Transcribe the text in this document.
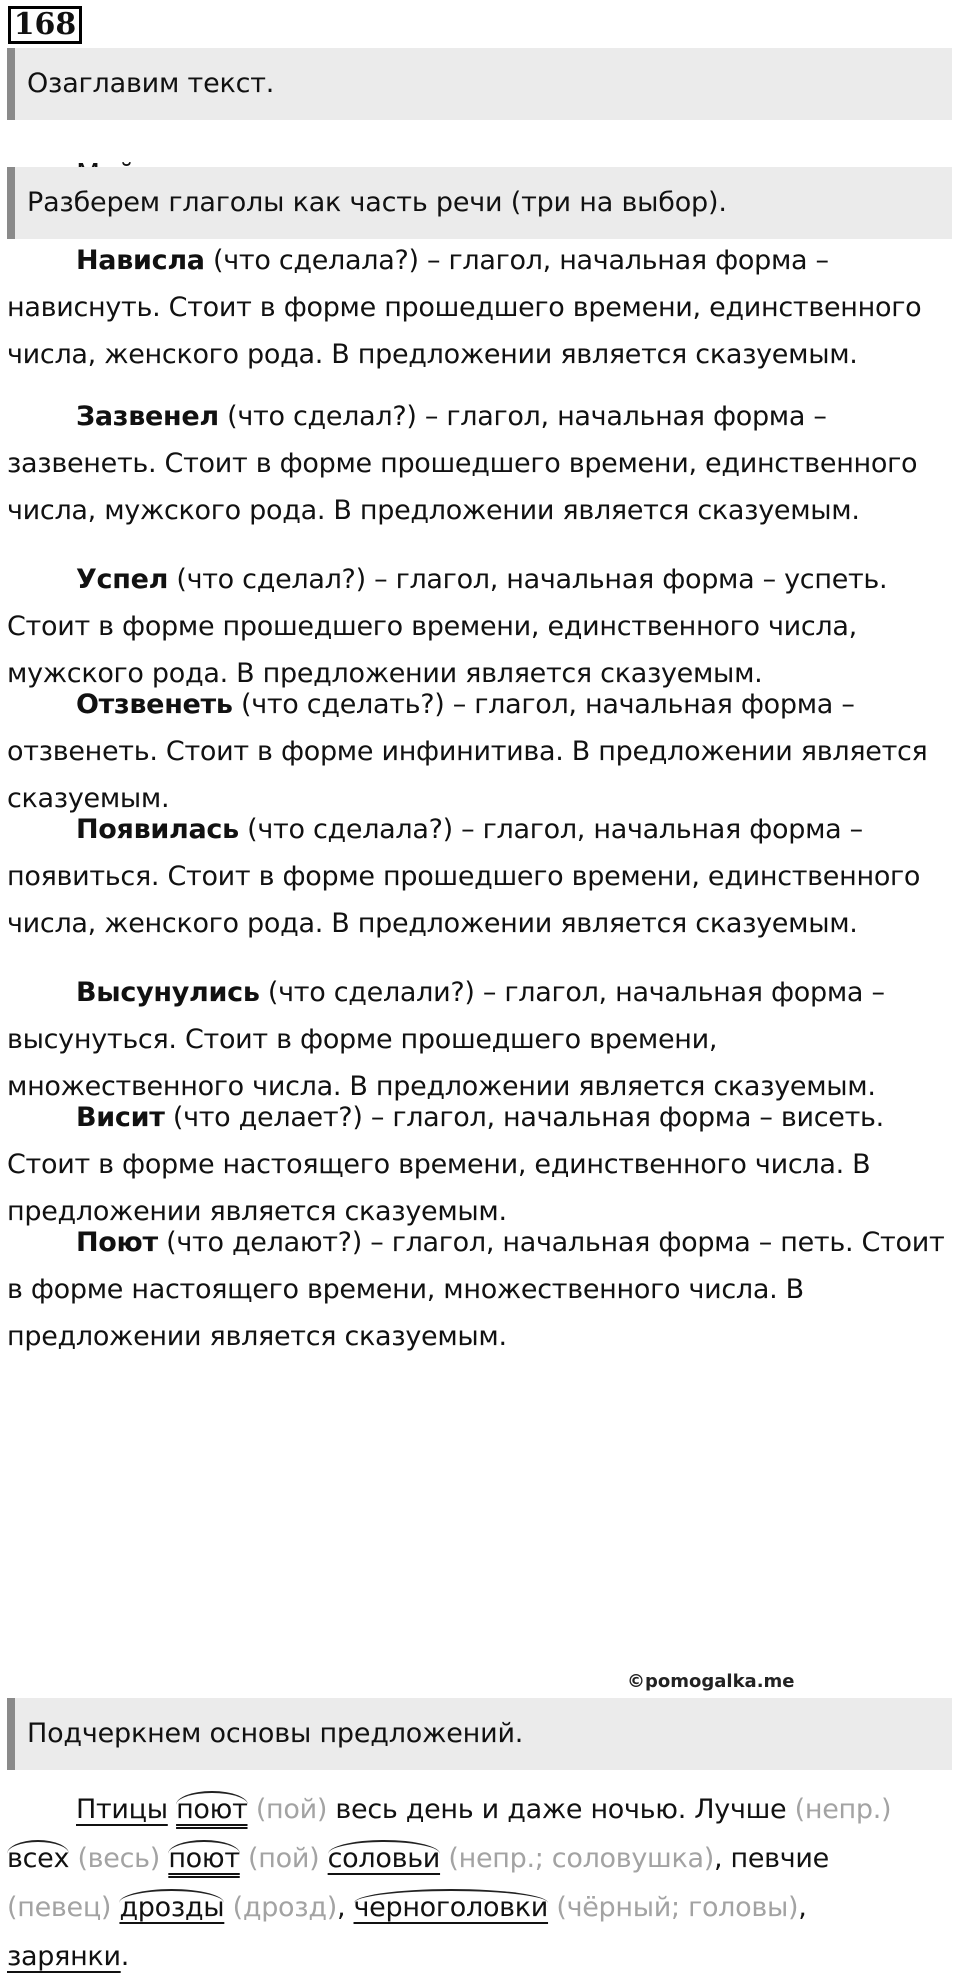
168
Озаглавим текст.
Разберем глаголы как часть речи (три на выбор).
Нависла (что сделала?) – глагол, начальная форма – нависнуть. Стоит в форме прошедшего времени, единственного числа, женского рода. В предложении является сказуемым.
Зазвенел (что сделал?) – глагол, начальная форма – зазвенеть. Стоит в форме прошедшего времени, единственного числа, мужского рода. В предложении является сказуемым.
Успел (что сделал?) – глагол, начальная форма – успеть. Стоит в форме прошедшего времени, единственного числа, мужского рода. В предложении является сказуемым.
Отзвенеть (что сделать?) – глагол, начальная форма – отзвенеть. Стоит в форме инфинитива. В предложении является сказуемым.
Появилась (что сделала?) – глагол, начальная форма – появиться. Стоит в форме прошедшего времени, единственного числа, женского рода. В предложении является сказуемым.
Высунулись (что сделали?) – глагол, начальная форма – высунуться. Стоит в форме прошедшего времени, множественного числа. В предложении является сказуемым.
Висит (что делает?) – глагол, начальная форма – висеть. Стоит в форме настоящего времени, единственного числа. В предложении является сказуемым.
Поют (что делают?) – глагол, начальная форма – петь. Стоит в форме настоящего времени, множественного числа. В предложении является сказуемым.
©pomogalka.me
Подчеркнем основы предложений.
Птицы поют (пой) весь день и даже ночью. Лучше (непр.)
всех (весь) поют (пой) соловьи (непр.; соловушка), певчие
(певец) дрозды (дрозд), черноголовки (чёрный; головы),
зарянки.
